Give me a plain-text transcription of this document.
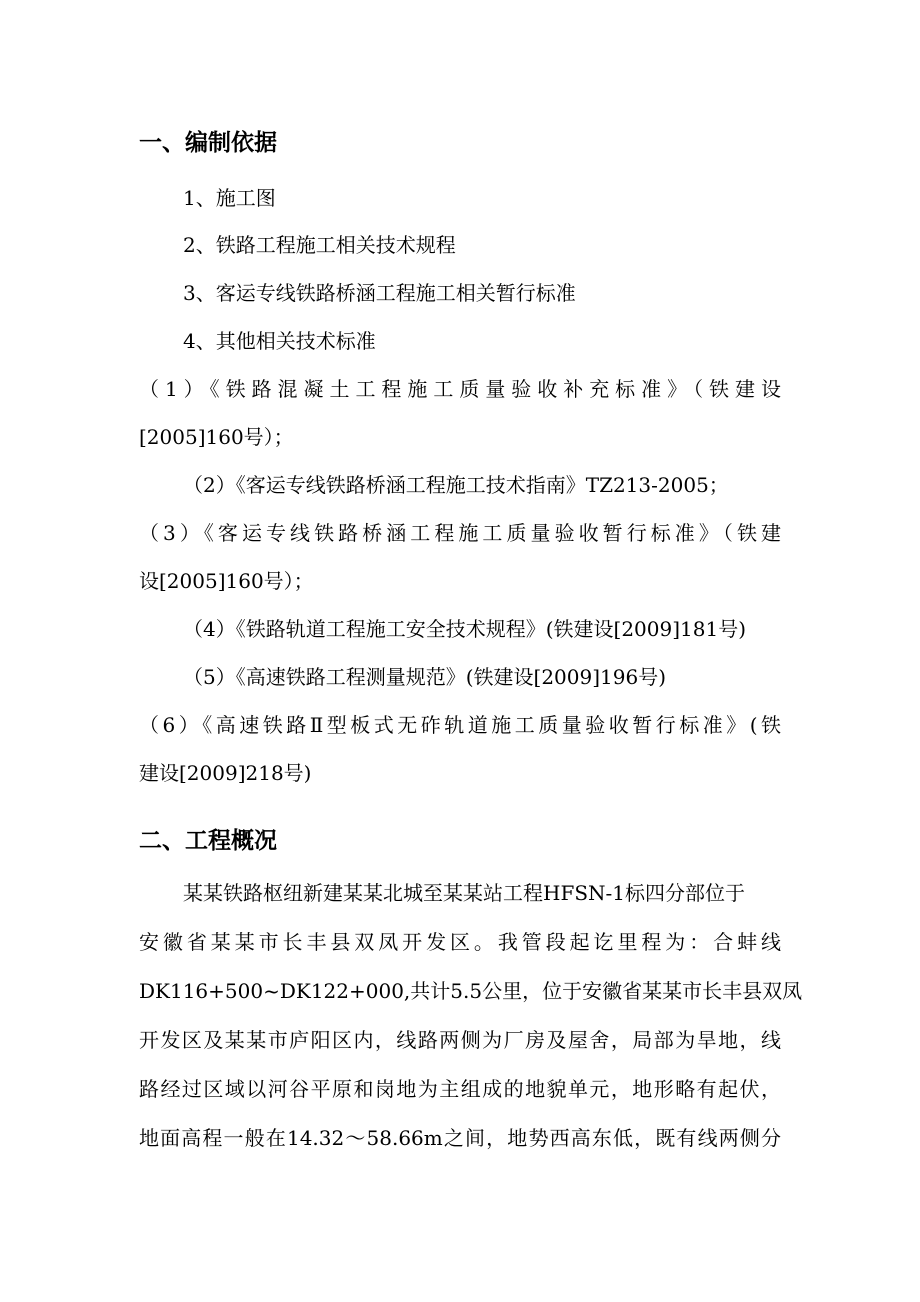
一、编制依据
1、施工图
2、铁路工程施工相关技术规程
3、客运专线铁路桥涵工程施工相关暂行标准
4、其他相关技术标准
（1）《铁路混凝土工程施工质量验收补充标准》（铁建设
[2005]160号）；
（2）《客运专线铁路桥涵工程施工技术指南》TZ213-2005；
（3）《客运专线铁路桥涵工程施工质量验收暂行标准》（铁建
设[2005]160号）；
（4）《铁路轨道工程施工安全技术规程》(铁建设[2009]181号)
（5）《高速铁路工程测量规范》(铁建设[2009]196号)
（6）《高速铁路Ⅱ型板式无砟轨道施工质量验收暂行标准》(铁
建设[2009]218号)
二、工程概况
某某铁路枢纽新建某某北城至某某站工程HFSN-1标四分部位于
安徽省某某市长丰县双凤开发区。我管段起讫里程为：合蚌线
DK116+500~DK122+000,共计5.5公里，位于安徽省某某市长丰县双凤
开发区及某某市庐阳区内，线路两侧为厂房及屋舍，局部为旱地，线
路经过区域以河谷平原和岗地为主组成的地貌单元，地形略有起伏，
地面高程一般在14.32～58.66m之间，地势西高东低，既有线两侧分
